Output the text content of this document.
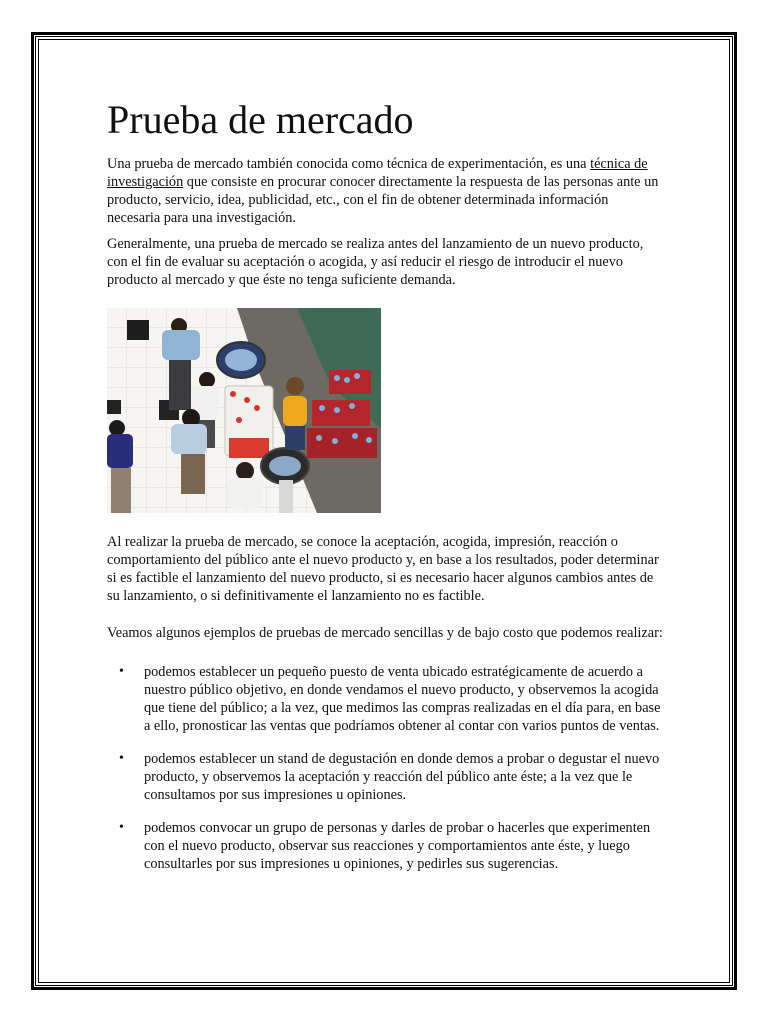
Prueba de mercado

Una prueba de mercado también conocida como técnica de experimentación, es una técnica de investigación que consiste en procurar conocer directamente la respuesta de las personas ante un producto, servicio, idea, publicidad, etc., con el fin de obtener determinada información necesaria para una investigación.

Generalmente, una prueba de mercado se realiza antes del lanzamiento de un nuevo producto, con el fin de evaluar su aceptación o acogida, y así reducir el riesgo de introducir el nuevo producto al mercado y que éste no tenga suficiente demanda.

Al realizar la prueba de mercado, se conoce la aceptación, acogida, impresión, reacción o comportamiento del público ante el nuevo producto y, en base a los resultados, poder determinar si es factible el lanzamiento del nuevo producto, si es necesario hacer algunos cambios antes de su lanzamiento, o si definitivamente el lanzamiento no es factible.

Veamos algunos ejemplos de pruebas de mercado sencillas y de bajo costo que podemos realizar:

• podemos establecer un pequeño puesto de venta ubicado estratégicamente de acuerdo a nuestro público objetivo, en donde vendamos el nuevo producto, y observemos la acogida que tiene del público; a la vez, que medimos las compras realizadas en el día para, en base a ello, pronosticar las ventas que podríamos obtener al contar con varios puntos de ventas.
• podemos establecer un stand de degustación en donde demos a probar o degustar el nuevo producto, y observemos la aceptación y reacción del público ante éste; a la vez que le consultamos por sus impresiones u opiniones.
• podemos convocar un grupo de personas y darles de probar o hacerles que experimenten con el nuevo producto, observar sus reacciones y comportamientos ante éste, y luego consultarles por sus impresiones u opiniones, y pedirles sus sugerencias.
